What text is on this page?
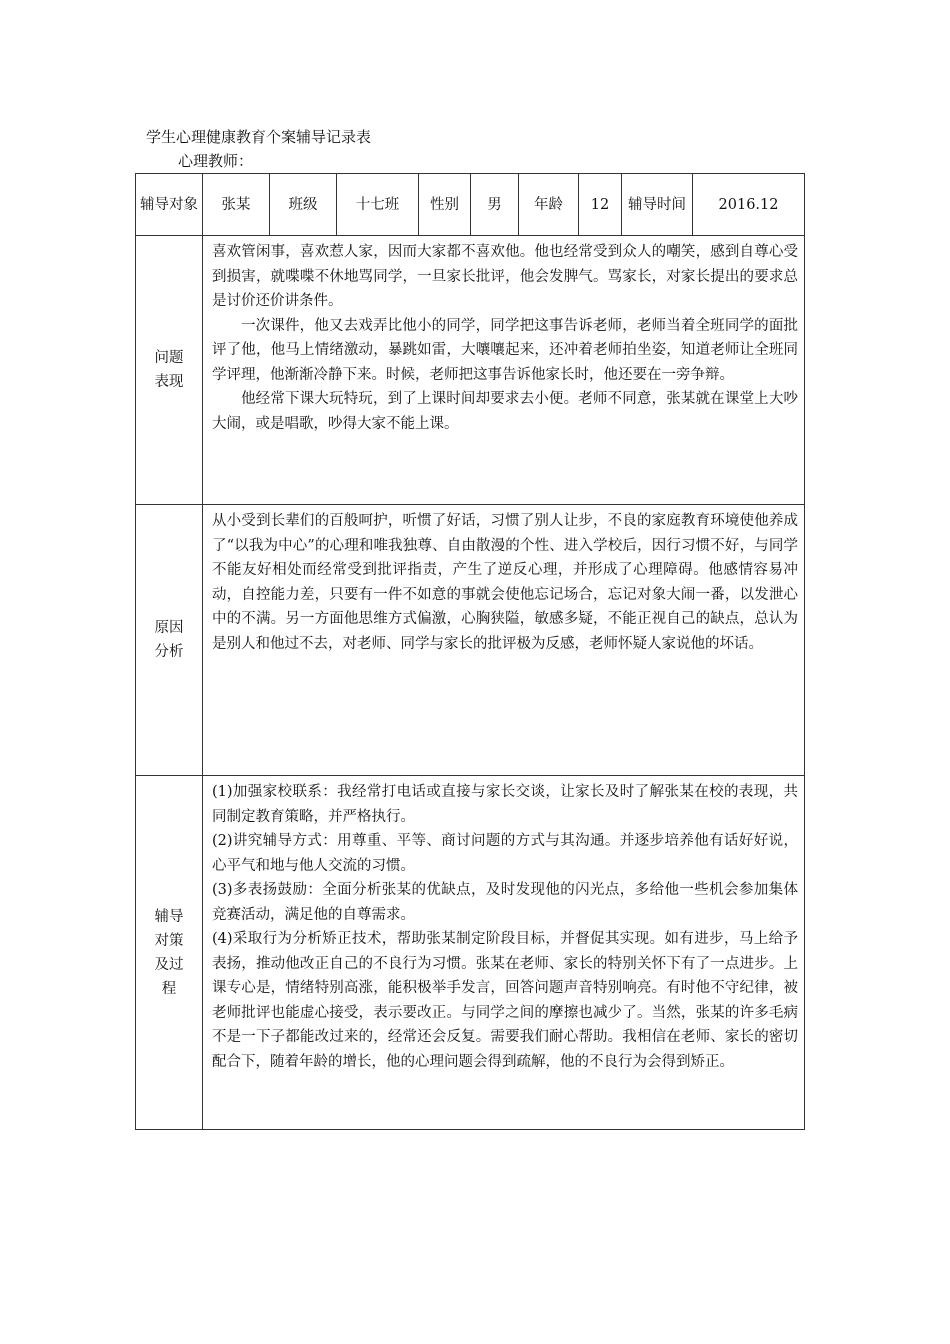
学生心理健康教育个案辅导记录表
心理教师：
辅导对象	张某	班级	十七班	性别	男	年龄	12	辅导时间	2016.12

问题表现	喜欢管闲事，喜欢惹人家，因而大家都不喜欢他。他也经常受到众人的嘲笑，感到自尊心受到损害，就喋喋不休地骂同学，一旦家长批评，他会发脾气。骂家长，对家长提出的要求总是讨价还价讲条件。

一次课件，他又去戏弄比他小的同学，同学把这事告诉老师，老师当着全班同学的面批评了他，他马上情绪激动，暴跳如雷，大嚷嚷起来，还冲着老师拍坐姿，知道老师让全班同学评理，他渐渐冷静下来。时候，老师把这事告诉他家长时，他还要在一旁争辩。

他经常下课大玩特玩，到了上课时间却要求去小便。老师不同意，张某就在课堂上大吵大闹，或是唱歌，吵得大家不能上课。								

原因分析	从小受到长辈们的百般呵护，听惯了好话，习惯了别人让步，不良的家庭教育环境使他养成了“以我为中心”的心理和唯我独尊、自由散漫的个性、进入学校后，因行习惯不好，与同学不能友好相处而经常受到批评指责，产生了逆反心理，并形成了心理障碍。他感情容易冲动，自控能力差，只要有一件不如意的事就会使他忘记场合，忘记对象大闹一番，以发泄心中的不满。另一方面他思维方式偏激，心胸狭隘，敏感多疑，不能正视自己的缺点，总认为是别人和他过不去，对老师、同学与家长的批评极为反感，老师怀疑人家说他的坏话。								

辅导对策及过程	(1)加强家校联系：我经常打电话或直接与家长交谈，让家长及时了解张某在校的表现，共同制定教育策略，并严格执行。

(2)讲究辅导方式：用尊重、平等、商讨问题的方式与其沟通。并逐步培养他有话好好说，心平气和地与他人交流的习惯。

(3)多表扬鼓励：全面分析张某的优缺点，及时发现他的闪光点，多给他一些机会参加集体竞赛活动，满足他的自尊需求。

(4)采取行为分析矫正技术，帮助张某制定阶段目标，并督促其实现。如有进步，马上给予表扬，推动他改正自己的不良行为习惯。张某在老师、家长的特别关怀下有了一点进步。上课专心是，情绪特别高涨，能积极举手发言，回答问题声音特别响亮。有时他不守纪律，被老师批评也能虚心接受，表示要改正。与同学之间的摩擦也减少了。当然，张某的许多毛病不是一下子都能改过来的，经常还会反复。需要我们耐心帮助。我相信在老师、家长的密切配合下，随着年龄的增长，他的心理问题会得到疏解，他的不良行为会得到矫正。								
